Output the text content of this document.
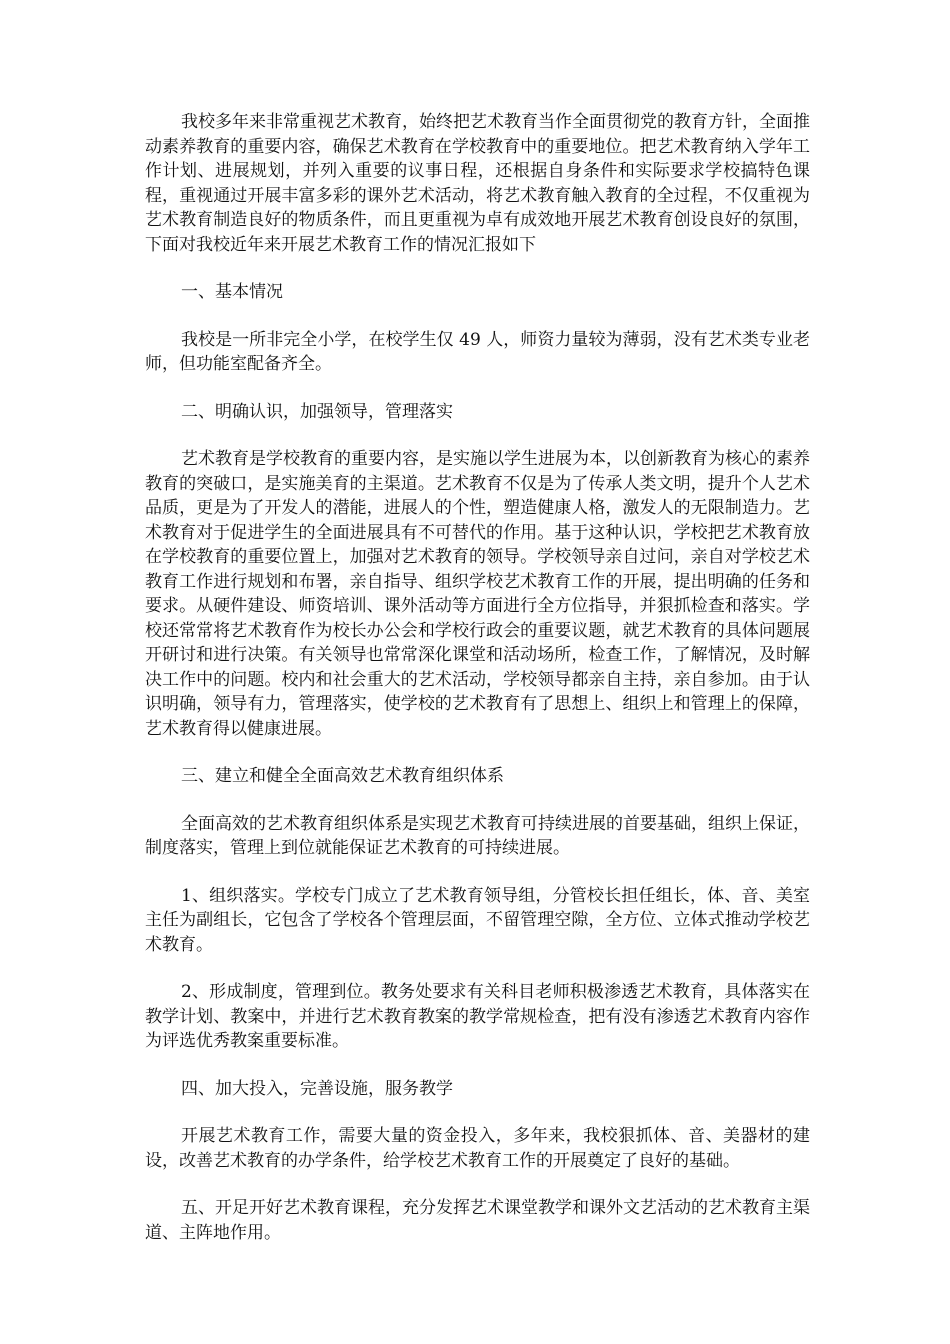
我校多年来非常重视艺术教育，始终把艺术教育当作全面贯彻党的教育方针，全面推动素养教育的重要内容，确保艺术教育在学校教育中的重要地位。把艺术教育纳入学年工作计划、进展规划，并列入重要的议事日程，还根据自身条件和实际要求学校搞特色课程，重视通过开展丰富多彩的课外艺术活动，将艺术教育触入教育的全过程，不仅重视为艺术教育制造良好的物质条件，而且更重视为卓有成效地开展艺术教育创设良好的氛围，下面对我校近年来开展艺术教育工作的情况汇报如下

一、基本情况

我校是一所非完全小学，在校学生仅 49 人，师资力量较为薄弱，没有艺术类专业老师，但功能室配备齐全。

二、明确认识，加强领导，管理落实

艺术教育是学校教育的重要内容，是实施以学生进展为本，以创新教育为核心的素养教育的突破口，是实施美育的主渠道。艺术教育不仅是为了传承人类文明，提升个人艺术品质，更是为了开发人的潜能，进展人的个性，塑造健康人格，激发人的无限制造力。艺术教育对于促进学生的全面进展具有不可替代的作用。基于这种认识，学校把艺术教育放在学校教育的重要位置上，加强对艺术教育的领导。学校领导亲自过问，亲自对学校艺术教育工作进行规划和布署，亲自指导、组织学校艺术教育工作的开展，提出明确的任务和要求。从硬件建设、师资培训、课外活动等方面进行全方位指导，并狠抓检查和落实。学校还常常将艺术教育作为校长办公会和学校行政会的重要议题，就艺术教育的具体问题展开研讨和进行决策。有关领导也常常深化课堂和活动场所，检查工作，了解情况，及时解决工作中的问题。校内和社会重大的艺术活动，学校领导都亲自主持，亲自参加。由于认识明确，领导有力，管理落实，使学校的艺术教育有了思想上、组织上和管理上的保障，艺术教育得以健康进展。

三、建立和健全全面高效艺术教育组织体系

全面高效的艺术教育组织体系是实现艺术教育可持续进展的首要基础，组织上保证，制度落实，管理上到位就能保证艺术教育的可持续进展。

1、组织落实。学校专门成立了艺术教育领导组，分管校长担任组长，体、音、美室主任为副组长，它包含了学校各个管理层面，不留管理空隙，全方位、立体式推动学校艺术教育。

2、形成制度，管理到位。教务处要求有关科目老师积极渗透艺术教育，具体落实在教学计划、教案中，并进行艺术教育教案的教学常规检查，把有没有渗透艺术教育内容作为评选优秀教案重要标准。

四、加大投入，完善设施，服务教学

开展艺术教育工作，需要大量的资金投入，多年来，我校狠抓体、音、美器材的建设，改善艺术教育的办学条件，给学校艺术教育工作的开展奠定了良好的基础。

五、开足开好艺术教育课程，充分发挥艺术课堂教学和课外文艺活动的艺术教育主渠道、主阵地作用。
